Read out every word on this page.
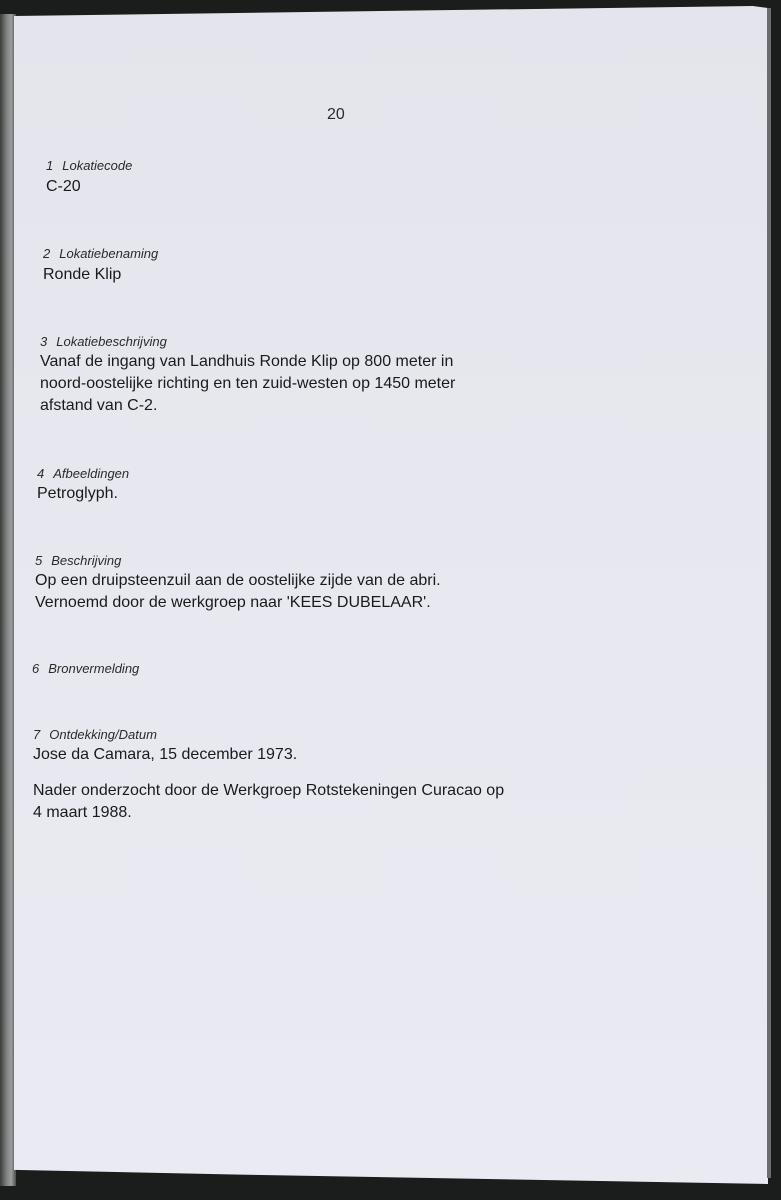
20
1 Lokatiecode
C-20
2 Lokatiebenaming
Ronde Klip
3 Lokatiebeschrijving
Vanaf de ingang van Landhuis Ronde Klip op 800 meter in
noord-oostelijke richting en ten zuid-westen op 1450 meter
afstand van C-2.
4 Afbeeldingen
Petroglyph.
5 Beschrijving
Op een druipsteenzuil aan de oostelijke zijde van de abri.
Vernoemd door de werkgroep naar 'KEES DUBELAAR'.
6 Bronvermelding
7 Ontdekking/Datum
Jose da Camara, 15 december 1973.
Nader onderzocht door de Werkgroep Rotstekeningen Curacao op
4 maart 1988.
